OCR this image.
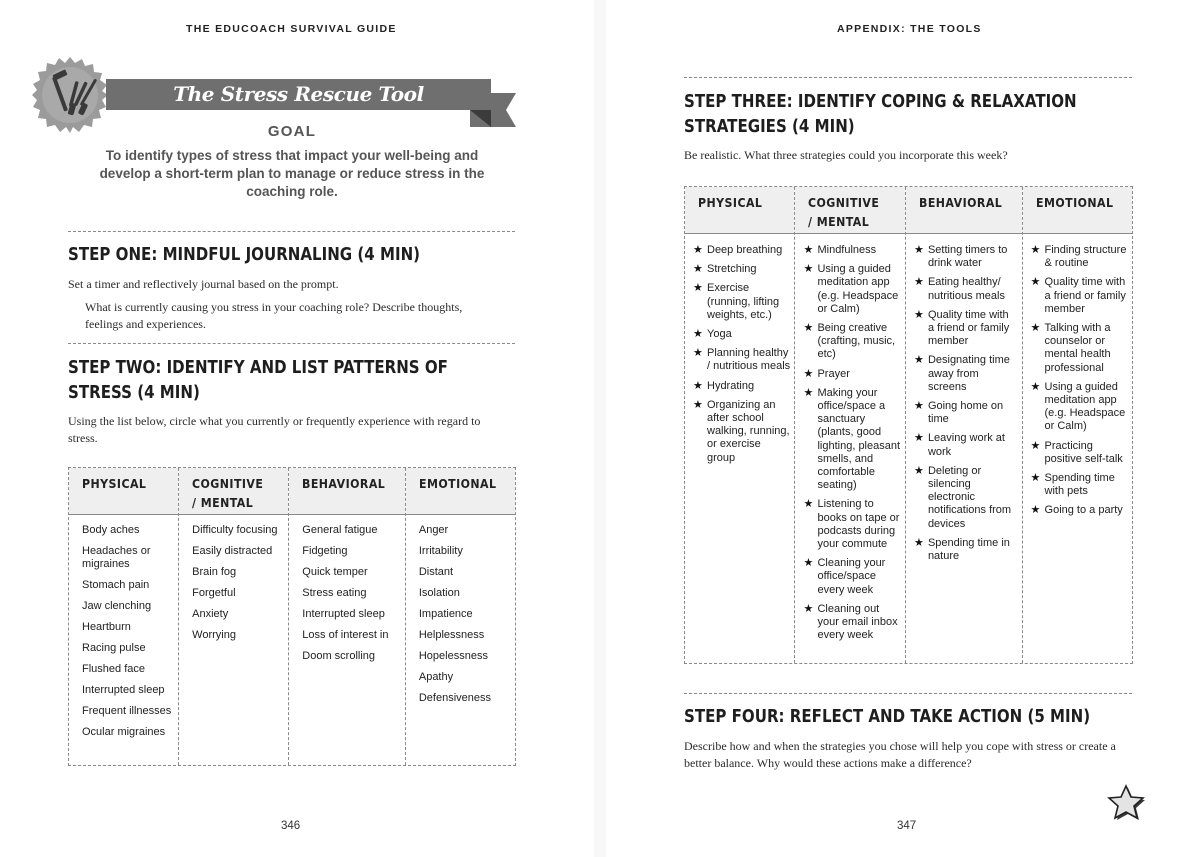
THE EDUCOACH SURVIVAL GUIDE
The Stress Rescue Tool
GOAL
To identify types of stress that impact your well-being and develop a short-term plan to manage or reduce stress in the coaching role.
STEP ONE: MINDFUL JOURNALING (4 MIN)
Set a timer and reflectively journal based on the prompt.
What is currently causing you stress in your coaching role? Describe thoughts, feelings and experiences.
STEP TWO: IDENTIFY AND LIST PATTERNS OF STRESS (4 MIN)
Using the list below, circle what you currently or frequently experience with regard to stress.
PHYSICAL
Body aches
Headaches or migraines
Stomach pain
Jaw clenching
Heartburn
Racing pulse
Flushed face
Interrupted sleep
Frequent illnesses
Ocular migraines
COGNITIVE / MENTAL
Difficulty focusing
Easily distracted
Brain fog
Forgetful
Anxiety
Worrying
BEHAVIORAL
General fatigue
Fidgeting
Quick temper
Stress eating
Interrupted sleep
Loss of interest in
Doom scrolling
EMOTIONAL
Anger
Irritability
Distant
Isolation
Impatience
Helplessness
Hopelessness
Apathy
Defensiveness
346
APPENDIX: THE TOOLS
STEP THREE: IDENTIFY COPING & RELAXATION STRATEGIES (4 MIN)
Be realistic. What three strategies could you incorporate this week?
PHYSICAL
★ Deep breathing
★ Stretching
★ Exercise (running, lifting weights, etc.)
★ Yoga
★ Planning healthy / nutritious meals
★ Hydrating
★ Organizing an after school walking, running, or exercise group
COGNITIVE / MENTAL
★ Mindfulness
★ Using a guided meditation app (e.g. Headspace or Calm)
★ Being creative (crafting, music, etc)
★ Prayer
★ Making your office/space a sanctuary (plants, good lighting, pleasant smells, and comfortable seating)
★ Listening to books on tape or podcasts during your commute
★ Cleaning your office/space every week
★ Cleaning out your email inbox every week
BEHAVIORAL
★ Setting timers to drink water
★ Eating healthy/ nutritious meals
★ Quality time with a friend or family member
★ Designating time away from screens
★ Going home on time
★ Leaving work at work
★ Deleting or silencing electronic notifications from devices
★ Spending time in nature
EMOTIONAL
★ Finding structure & routine
★ Quality time with a friend or family member
★ Talking with a counselor or mental health professional
★ Using a guided meditation app (e.g. Headspace or Calm)
★ Practicing positive self-talk
★ Spending time with pets
★ Going to a party
STEP FOUR: REFLECT AND TAKE ACTION (5 MIN)
Describe how and when the strategies you chose will help you cope with stress or create a better balance. Why would these actions make a difference?
347
